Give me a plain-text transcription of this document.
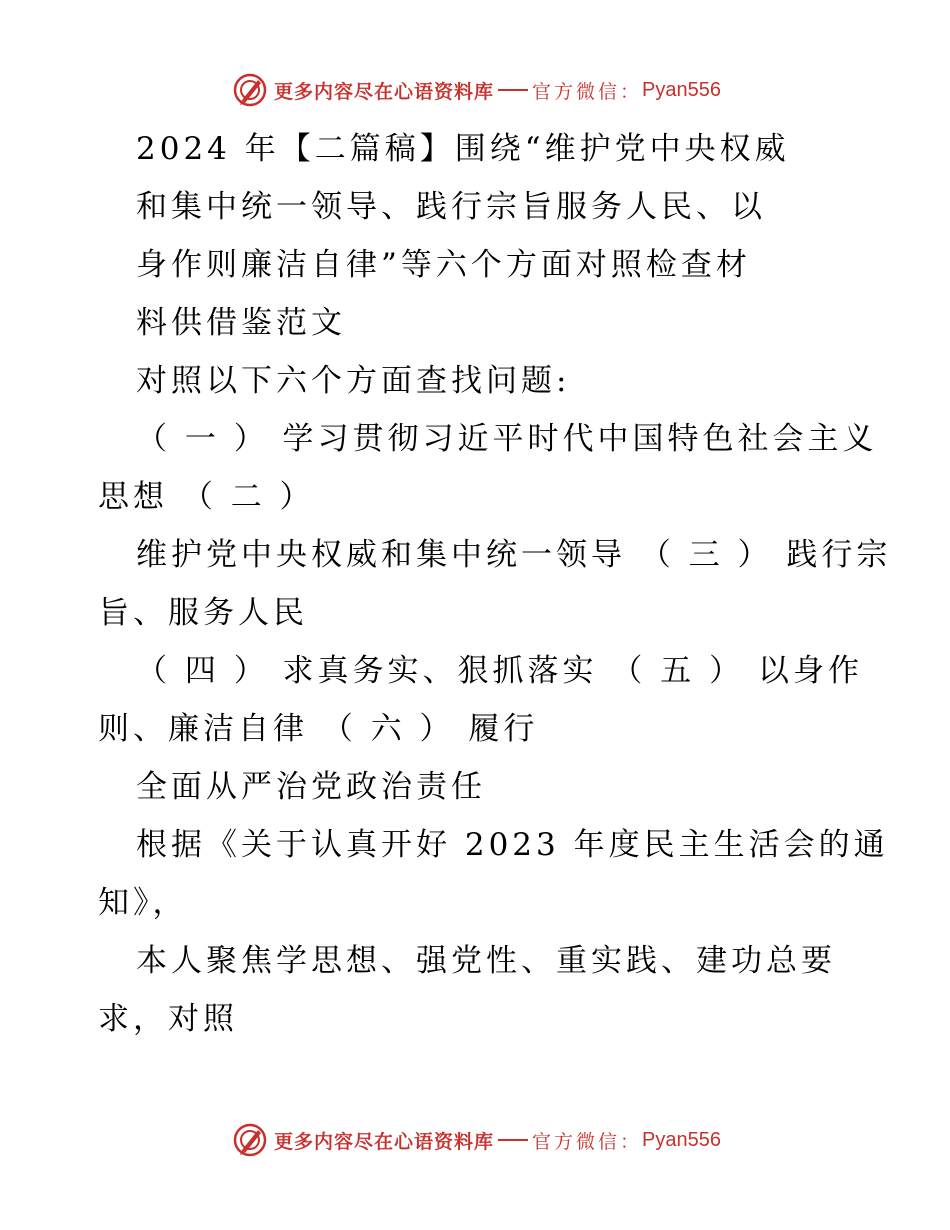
更多内容尽在心语资料库 官方微信： Pyan556
2024 年【二篇稿】围绕“维护党中央权威
和集中统一领导、践行宗旨服务人民、以
身作则廉洁自律”等六个方面对照检查材
料供借鉴范文
对照以下六个方面查找问题:
（ 一 ） 学习贯彻习近平时代中国特色社会主义
思想 （ 二 ）
维护党中央权威和集中统一领导 （ 三 ） 践行宗
旨、服务人民
（ 四 ） 求真务实、狠抓落实 （ 五 ） 以身作
则、廉洁自律 （ 六 ） 履行
全面从严治党政治责任
根据《关于认真开好 2023 年度民主生活会的通
知》，
本人聚焦学思想、强党性、重实践、建功总要
求，对照
更多内容尽在心语资料库 官方微信： Pyan556
